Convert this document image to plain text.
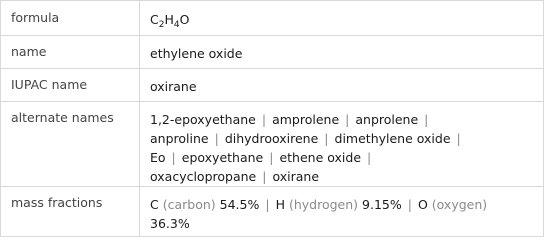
formula	$C_2H_4O$

name	ethylene oxide

IUPAC name	oxirane

alternate names	1,2-epoxyethane | amprolene | anprolene |
anproline | dihydrooxirene | dimethylene oxide |
Eo | epoxyethane | ethene oxide |
oxacyclopropane | oxirane

mass fractions	C (carbon) 54.5% | H (hydrogen) 9.15% | O (oxygen)
36.3%
